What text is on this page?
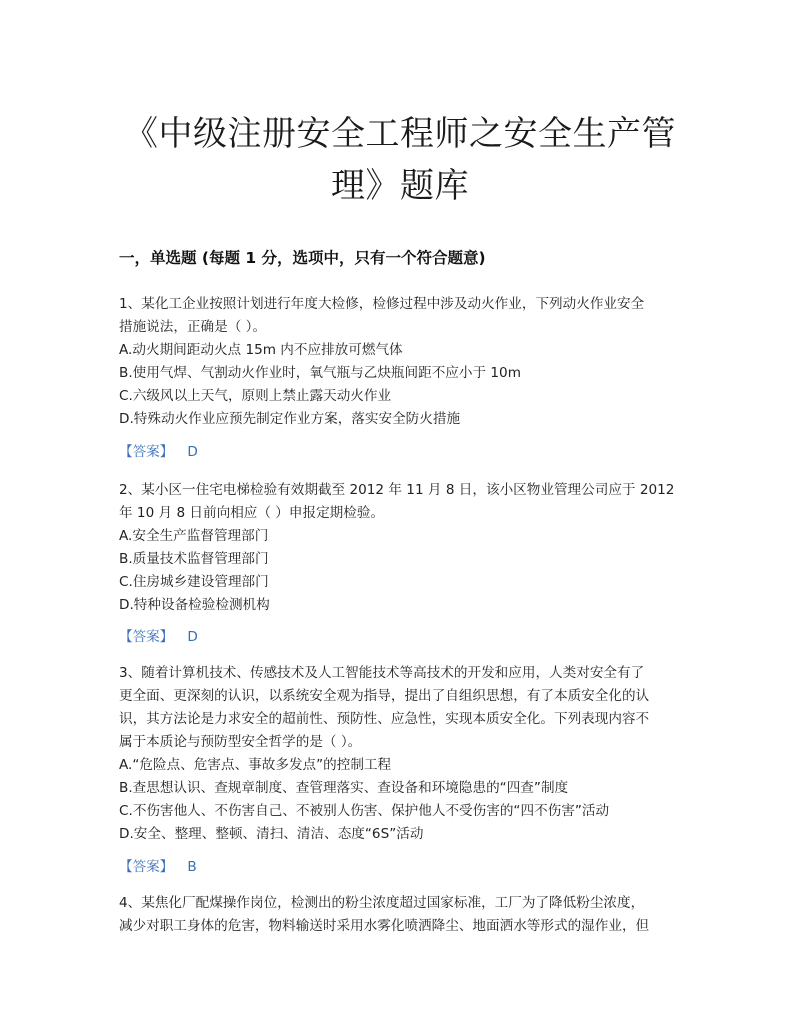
《中级注册安全工程师之安全生产管
理》题库
一，单选题 (每题 1 分，选项中，只有一个符合题意)
1、某化工企业按照计划进行年度大检修，检修过程中涉及动火作业，下列动火作业安全
措施说法，正确是（ ）。
A.动火期间距动火点 15m 内不应排放可燃气体
B.使用气焊、气割动火作业时，氧气瓶与乙炔瓶间距不应小于 10m
C.六级风以上天气，原则上禁止露天动火作业
D.特殊动火作业应预先制定作业方案，落实安全防火措施
【答案】 D
2、某小区一住宅电梯检验有效期截至 2012 年 11 月 8 日，该小区物业管理公司应于 2012
年 10 月 8 日前向相应（ ）申报定期检验。
A.安全生产监督管理部门
B.质量技术监督管理部门
C.住房城乡建设管理部门
D.特种设备检验检测机构
【答案】 D
3、随着计算机技术、传感技术及人工智能技术等高技术的开发和应用，人类对安全有了
更全面、更深刻的认识，以系统安全观为指导，提出了自组织思想，有了本质安全化的认
识，其方法论是力求安全的超前性、预防性、应急性，实现本质安全化。下列表现内容不
属于本质论与预防型安全哲学的是（ ）。
A.“危险点、危害点、事故多发点”的控制工程
B.查思想认识、查规章制度、查管理落实、查设备和环境隐患的“四查”制度
C.不伤害他人、不伤害自己、不被别人伤害、保护他人不受伤害的“四不伤害”活动
D.安全、整理、整顿、清扫、清洁、态度“6S”活动
【答案】 B
4、某焦化厂配煤操作岗位，检测出的粉尘浓度超过国家标准，工厂为了降低粉尘浓度，
减少对职工身体的危害，物料输送时采用水雾化喷洒降尘、地面洒水等形式的湿作业，但
